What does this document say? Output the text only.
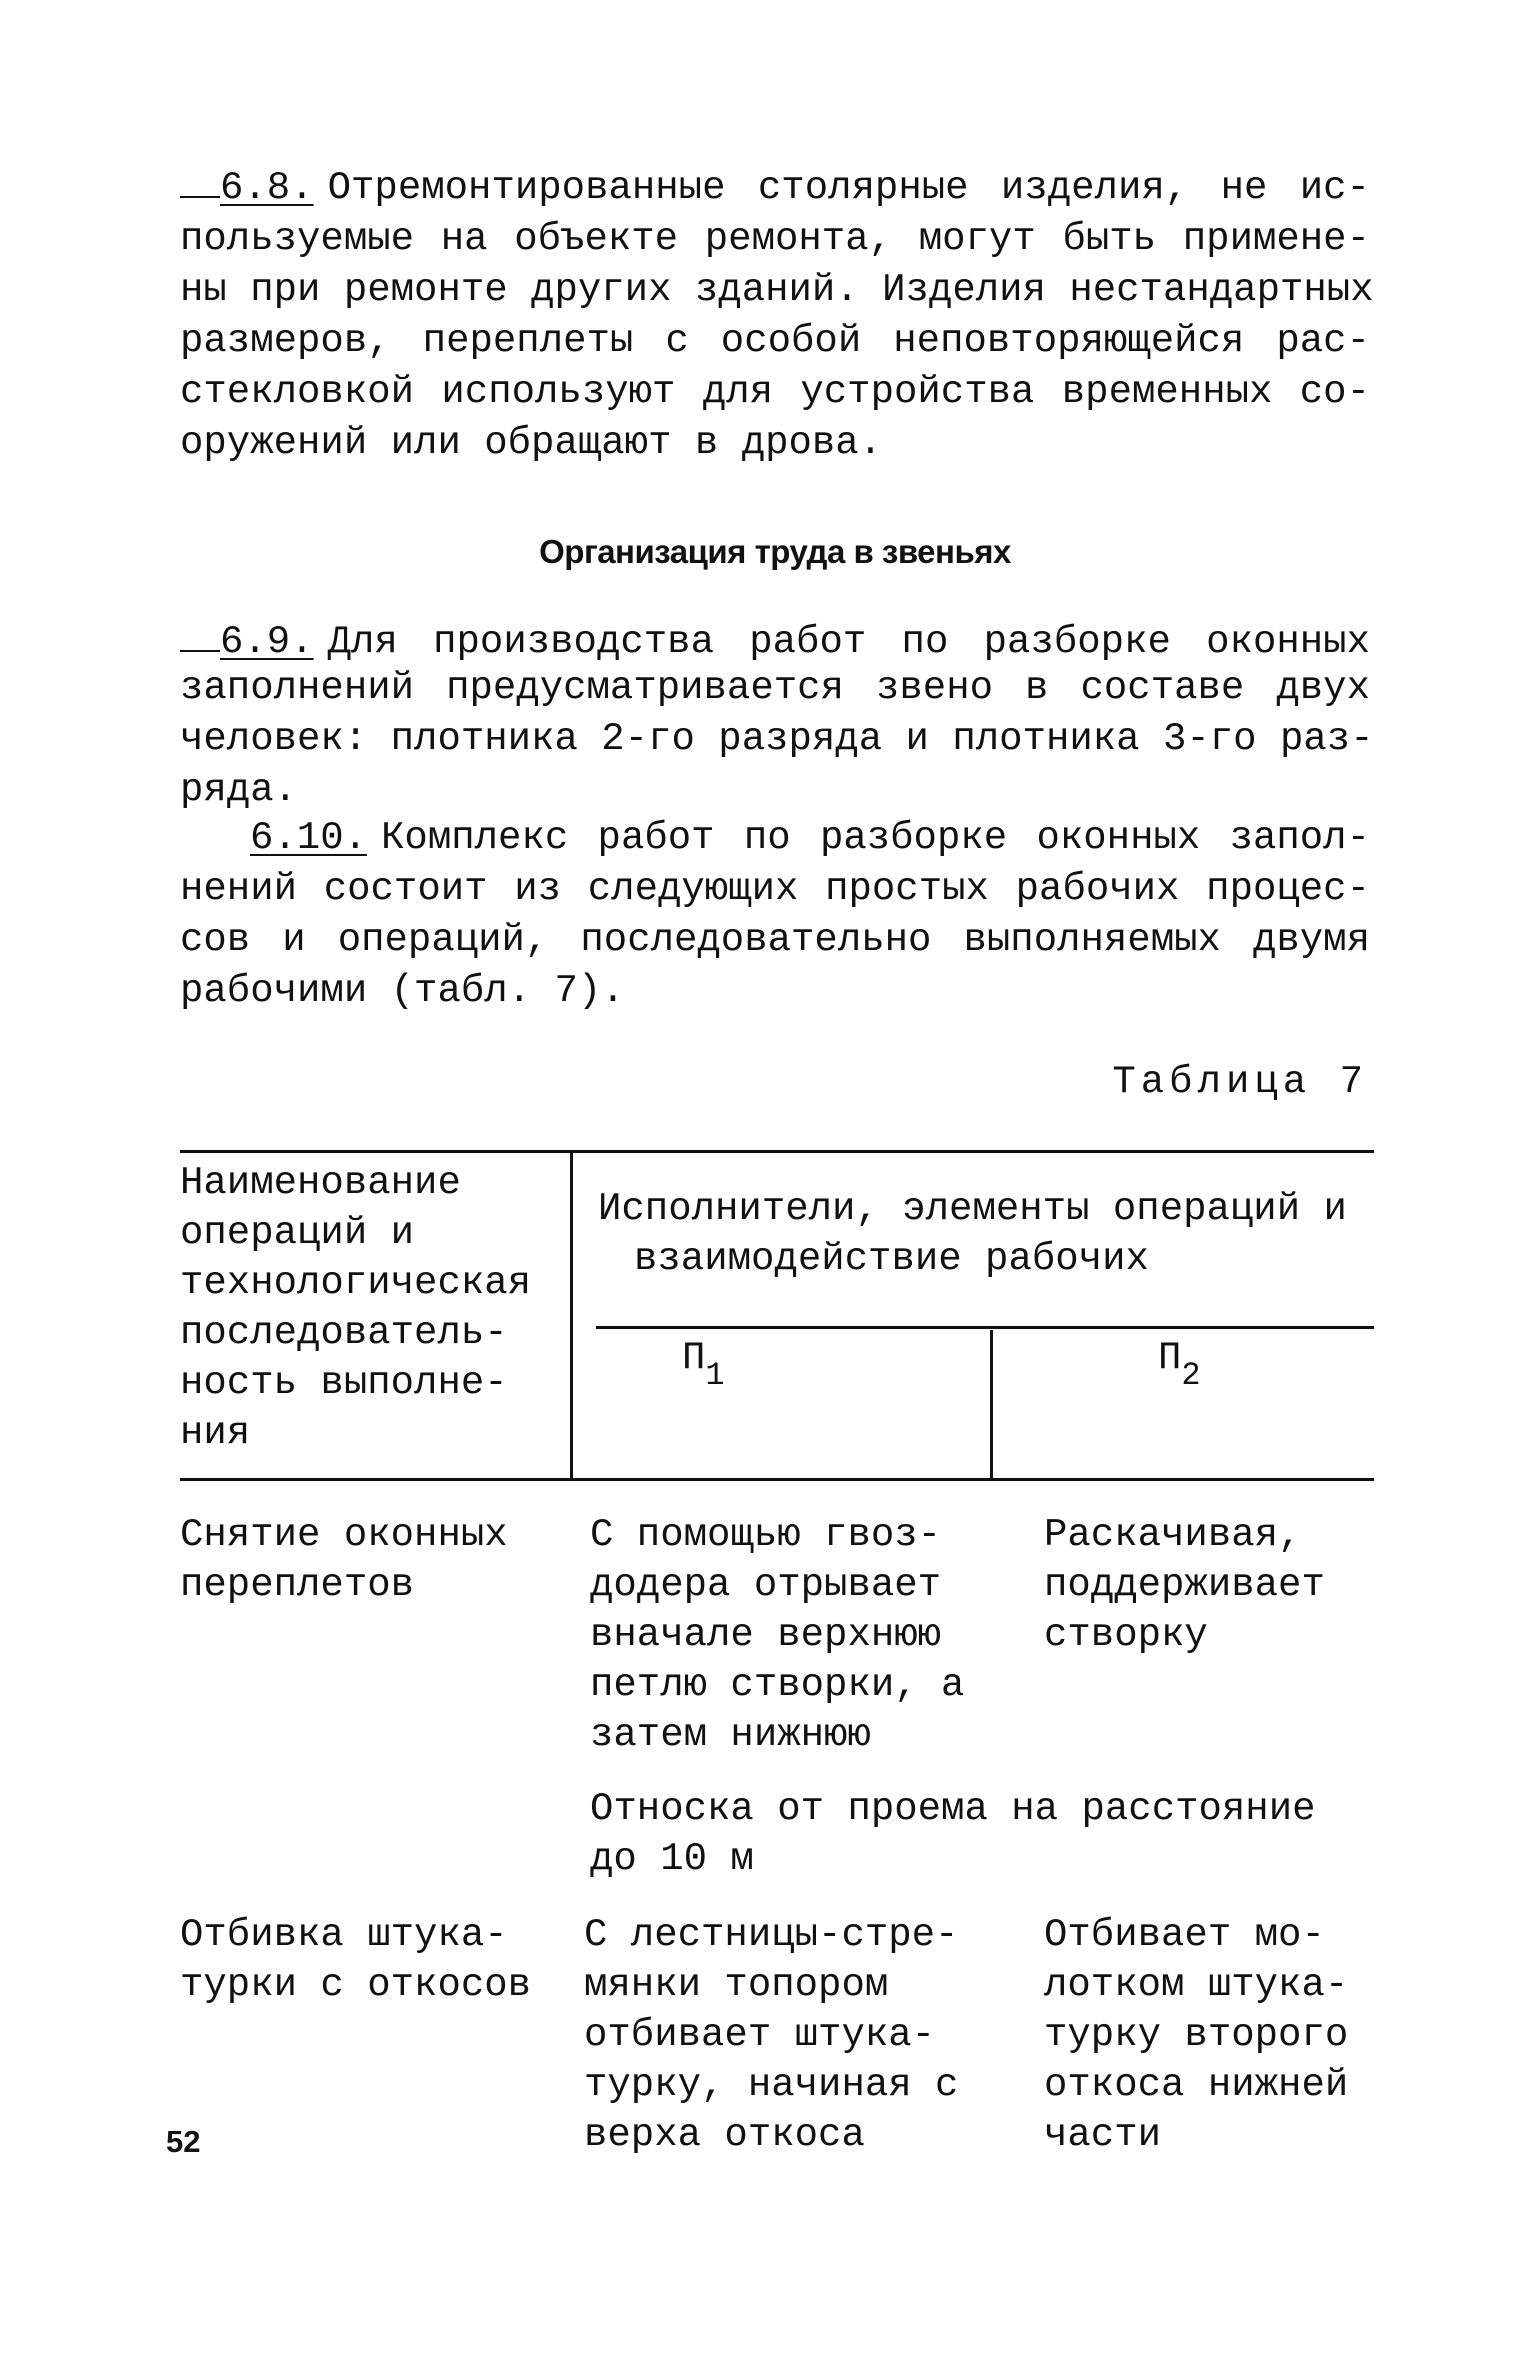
6.8. Отремонтированные столярные изделия, не ис-
пользуемые на объекте ремонта, могут быть примене-
ны при ремонте других зданий. Изделия нестандартных
размеров, переплеты с особой неповторяющейся рас-
стекловкой используют для устройства временных со-
оружений или обращают в дрова.
Организация труда в звеньях
6.9. Для производства работ по разборке оконных
заполнений предусматривается звено в составе двух
человек: плотника 2-го разряда и плотника 3-го раз-
ряда.
6.10. Комплекс работ по разборке оконных запол-
нений состоит из следующих простых рабочих процес-
сов и операций, последовательно выполняемых двумя
рабочими (табл. 7).
Таблица 7
Наименование
операций и
технологическая
последователь-
ность выполне-
ния
Исполнители, элементы операций и
взаимодействие рабочих
$П_1$	$П_2$
Снятие оконных
переплетов
С помощью гвоз-
додера отрывает
вначале верхнюю
петлю створки, а
затем нижнюю
Раскачивая,
поддерживает
створку
Относка от проема на расстояние
до 10 м
Отбивка штука-
турки с откосов
С лестницы-стре-
мянки топором
отбивает штука-
турку, начиная с
верха откоса
Отбивает мо-
лотком штука-
турку второго
откоса нижней
части
52
